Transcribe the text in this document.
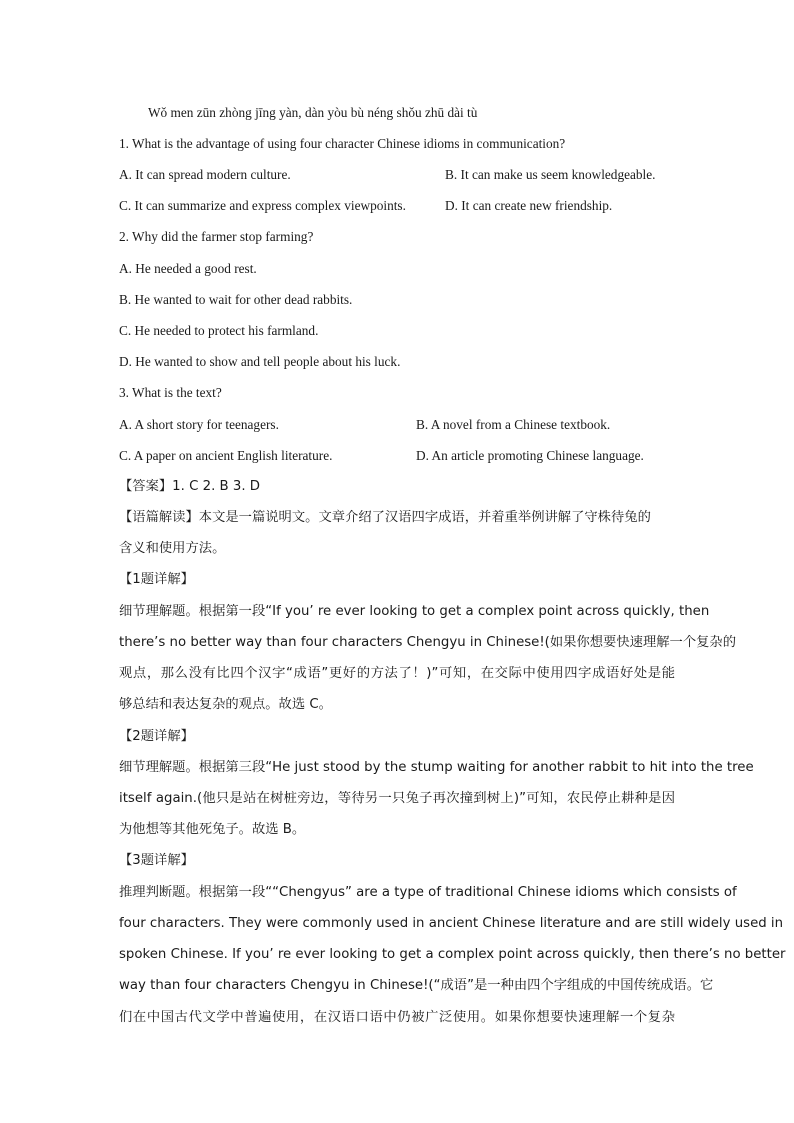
Wǒ men zūn zhòng jīng yàn, dàn yòu bù néng shǒu zhū dài tù
1. What is the advantage of using four character Chinese idioms in communication?
A. It can spread modern culture.	B. It can make us seem knowledgeable.
C. It can summarize and express complex viewpoints.	D. It can create new friendship.
2. Why did the farmer stop farming?
A. He needed a good rest.
B. He wanted to wait for other dead rabbits.
C. He needed to protect his farmland.
D. He wanted to show and tell people about his luck.
3. What is the text?
A. A short story for teenagers.	B. A novel from a Chinese textbook.
C. A paper on ancient English literature.	D. An article promoting Chinese language.
【答案】1. C 2. B 3. D
【语篇解读】本文是一篇说明文。文章介绍了汉语四字成语，并着重举例讲解了守株待兔的
含义和使用方法。
【1题详解】
细节理解题。根据第一段“If you’ re ever looking to get a complex point across quickly, then
there’s no better way than four characters Chengyu in Chinese!(如果你想要快速理解一个复杂的
观点，那么没有比四个汉字“成语”更好的方法了！)”可知，在交际中使用四字成语好处是能
够总结和表达复杂的观点。故选 C。
【2题详解】
细节理解题。根据第三段“He just stood by the stump waiting for another rabbit to hit into the tree
itself again.(他只是站在树桩旁边，等待另一只兔子再次撞到树上)”可知，农民停止耕种是因
为他想等其他死兔子。故选 B。
【3题详解】
推理判断题。根据第一段““Chengyus” are a type of traditional Chinese idioms which consists of
four characters. They were commonly used in ancient Chinese literature and are still widely used in
spoken Chinese. If you’ re ever looking to get a complex point across quickly, then there’s no better
way than four characters Chengyu in Chinese!(“成语”是一种由四个字组成的中国传统成语。它
们在中国古代文学中普遍使用，在汉语口语中仍被广泛使用。如果你想要快速理解一个复杂
